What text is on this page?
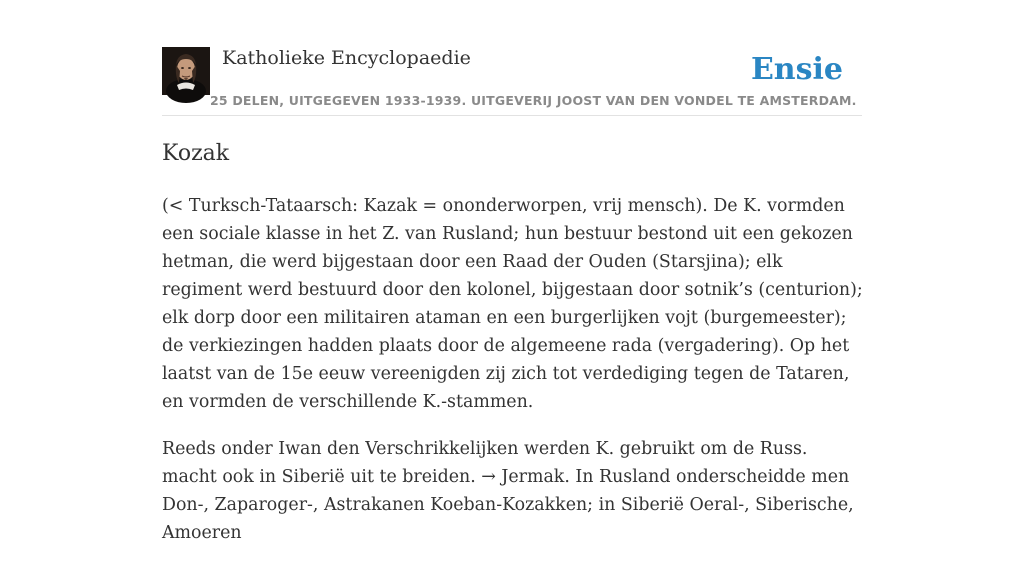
Katholieke Encyclopaedie	Ensie
25 DELEN, UITGEGEVEN 1933-1939. UITGEVERIJ JOOST VAN DEN VONDEL TE AMSTERDAM.
Kozak

(< Turksch-Tataarsch: Kazak = ononderworpen, vrij mensch). De K. vormden een sociale klasse in het Z. van Rusland; hun bestuur bestond uit een gekozen hetman, die werd bijgestaan door een Raad der Ouden (Starsjina); elk regiment werd bestuurd door den kolonel, bijgestaan door sotnik’s (centurion); elk dorp door een militairen ataman en een burgerlijken vojt (burgemeester); de verkiezingen hadden plaats door de algemeene rada (vergadering). Op het laatst van de 15e eeuw vereenigden zij zich tot verdediging tegen de Tataren, en vormden de verschillende K.-stammen.

Reeds onder Iwan den Verschrikkelijken werden K. gebruikt om de Russ. macht ook in Siberië uit te breiden. → Jermak. In Rusland onderscheidde men Don-, Zaparoger-, Astrakanen Koeban-Kozakken; in Siberië Oeral-, Siberische, Amoeren
